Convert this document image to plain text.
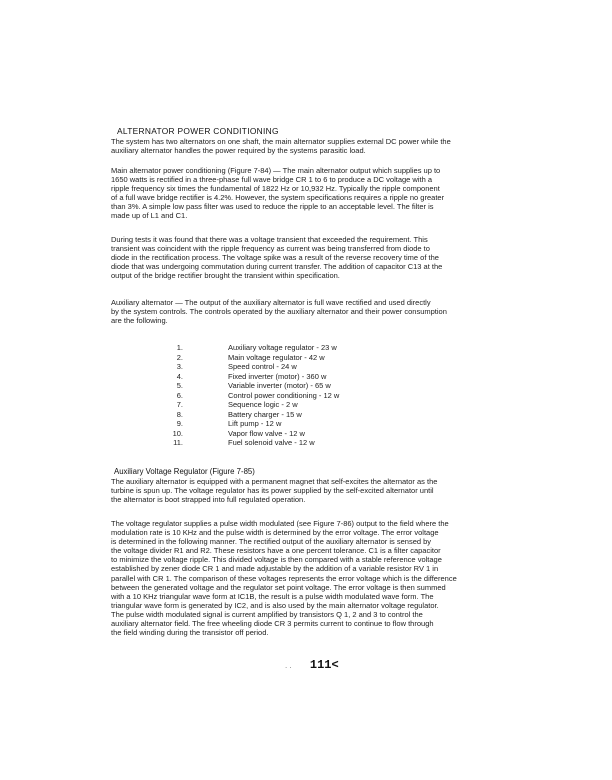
ALTERNATOR POWER CONDITIONING
The system has two alternators on one shaft, the main alternator supplies external DC power while the
auxiliary alternator handles the power required by the systems parasitic load.
Main alternator power conditioning (Figure 7-84) — The main alternator output which supplies up to
1650 watts is rectified in a three-phase full wave bridge CR 1 to 6 to produce a DC voltage with a
ripple frequency six times the fundamental of 1822 Hz or 10,932 Hz. Typically the ripple component
of a full wave bridge rectifier is 4.2%. However, the system specifications requires a ripple no greater
than 3%. A simple low pass filter was used to reduce the ripple to an acceptable level. The filter is
made up of L1 and C1.
During tests it was found that there was a voltage transient that exceeded the requirement. This
transient was coincident with the ripple frequency as current was being transferred from diode to
diode in the rectification process. The voltage spike was a result of the reverse recovery time of the
diode that was undergoing commutation during current transfer. The addition of capacitor C13 at the
output of the bridge rectifier brought the transient within specification.
Auxiliary alternator — The output of the auxiliary alternator is full wave rectified and used directly
by the system controls. The controls operated by the auxiliary alternator and their power consumption
are the following.
1.	Auxiliary voltage regulator - 23 w
2.	Main voltage regulator - 42 w
3.	Speed control - 24 w
4.	Fixed inverter (motor) - 360 w
5.	Variable inverter (motor) - 65 w
6.	Control power conditioning - 12 w
7.	Sequence logic - 2 w
8.	Battery charger - 15 w
9.	Lift pump - 12 w
10.	Vapor flow valve - 12 w
11.	Fuel solenoid valve - 12 w
Auxiliary Voltage Regulator (Figure 7-85)
The auxiliary alternator is equipped with a permanent magnet that self-excites the alternator as the
turbine is spun up. The voltage regulator has its power supplied by the self-excited alternator until
the alternator is boot strapped into full regulated operation.
The voltage regulator supplies a pulse width modulated (see Figure 7-86) output to the field where the
modulation rate is 10 KHz and the pulse width is determined by the error voltage. The error voltage
is determined in the following manner. The rectified output of the auxiliary alternator is sensed by
the voltage divider R1 and R2. These resistors have a one percent tolerance. C1 is a filter capacitor
to minimize the voltage ripple. This divided voltage is then compared with a stable reference voltage
established by zener diode CR 1 and made adjustable by the addition of a variable resistor RV 1 in
parallel with CR 1. The comparison of these voltages represents the error voltage which is the difference
between the generated voltage and the regulator set point voltage. The error voltage is then summed
with a 10 KHz triangular wave form at IC1B, the result is a pulse width modulated wave form. The
triangular wave form is generated by IC2, and is also used by the main alternator voltage regulator.
The pulse width modulated signal is current amplified by transistors Q 1, 2 and 3 to control the
auxiliary alternator field. The free wheeling diode CR 3 permits current to continue to flow through
the field winding during the transistor off period.
.. 111<
